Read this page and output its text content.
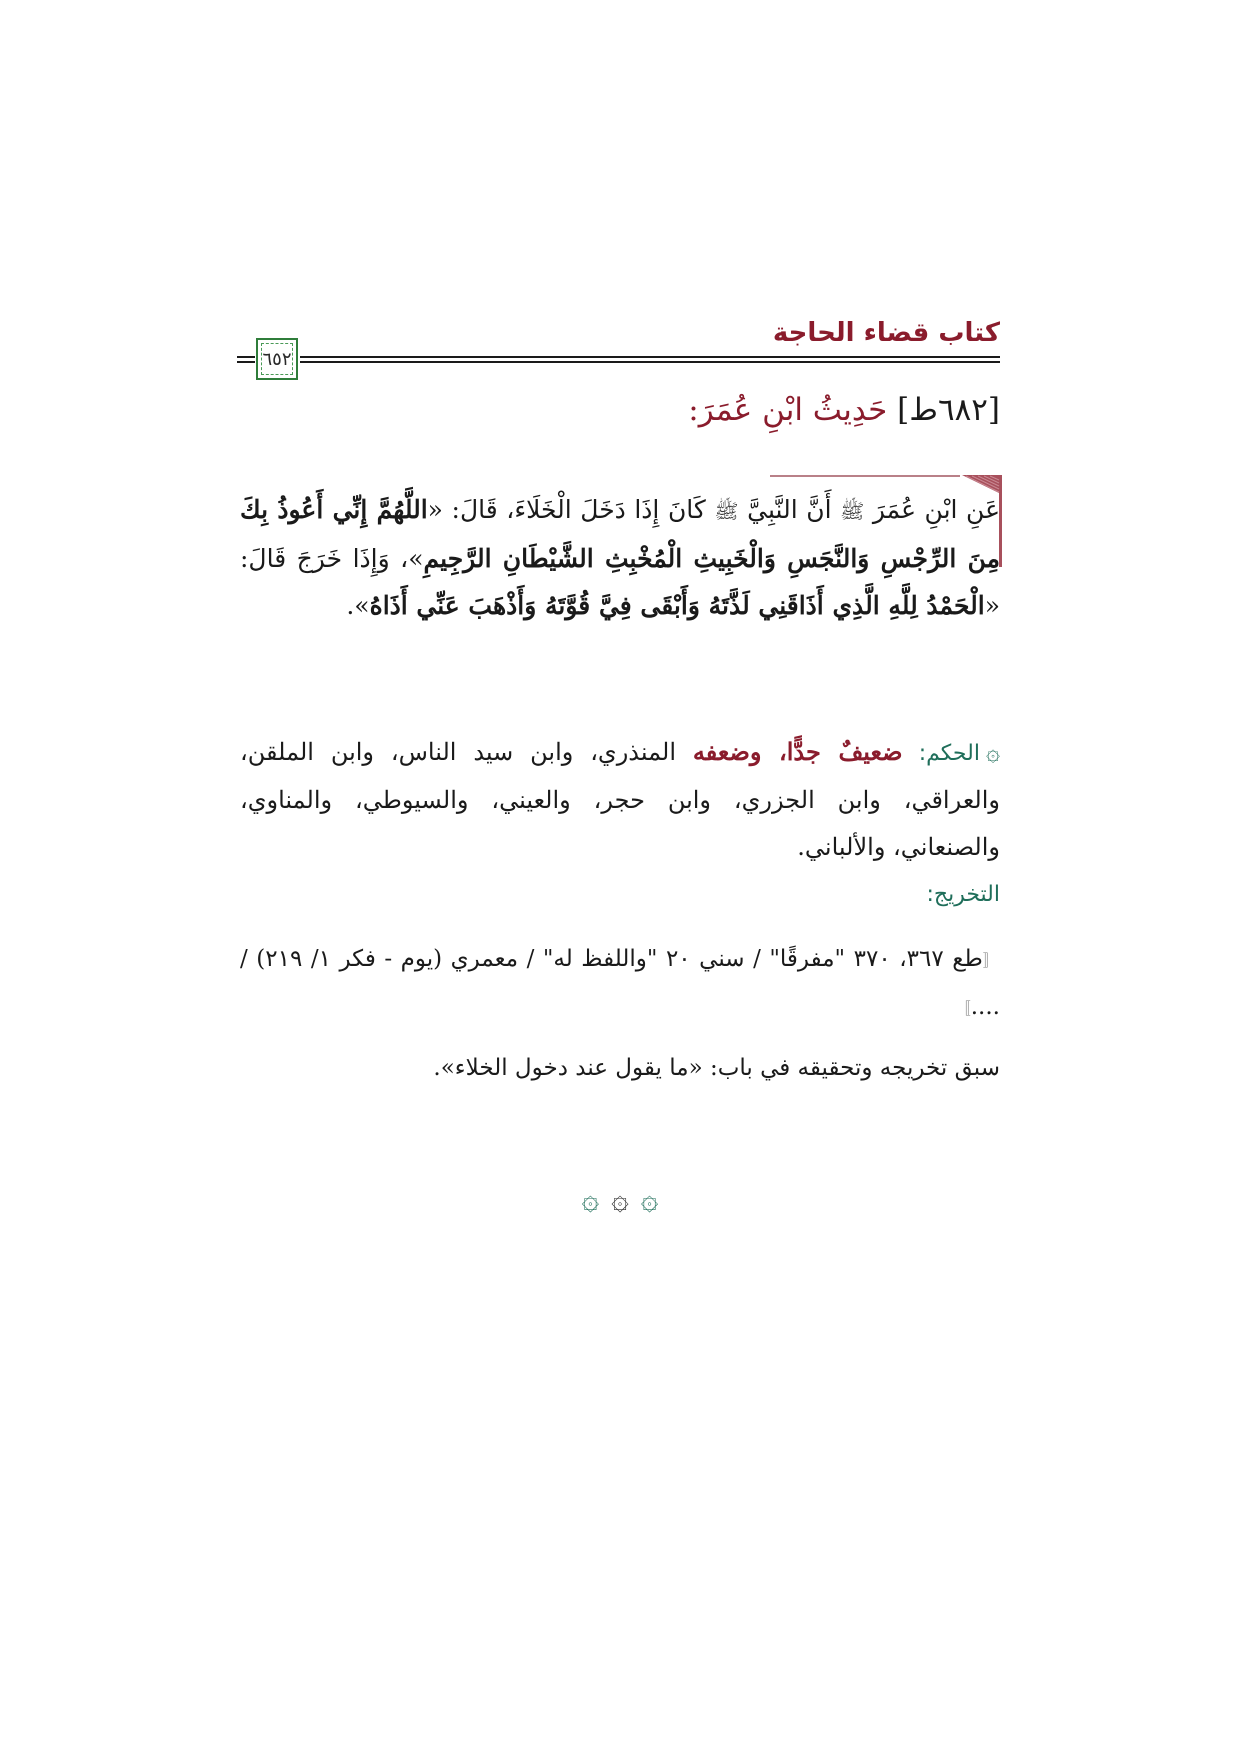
كتاب قضاء الحاجة
٦٥٢
[٦٨٢ط] حَدِيثُ ابْنِ عُمَرَ:

عَنِ ابْنِ عُمَرَ ﷺ أَنَّ النَّبِيَّ ﷺ كَانَ إِذَا دَخَلَ الْخَلَاءَ، قَالَ: «اللَّهُمَّ إِنِّي أَعُوذُ بِكَ مِنَ الرِّجْسِ وَالنَّجَسِ وَالْخَبِيثِ الْمُخْبِثِ الشَّيْطَانِ الرَّجِيمِ»، وَإِذَا خَرَجَ قَالَ: «الْحَمْدُ لِلَّهِ الَّذِي أَذَاقَنِي لَذَّتَهُ وَأَبْقَى فِيَّ قُوَّتَهُ وَأَذْهَبَ عَنِّي أَذَاهُ».

۞الحكم: ضعيفٌ جدًّا، وضعفه المنذري، وابن سيد الناس، وابن الملقن، والعراقي، وابن الجزري، وابن حجر، والعيني، والسيوطي، والمناوي، والصنعاني، والألباني.

التخريج:

〚طع ٣٦٧، ٣٧٠ "مفرقًا" / سني ٢٠ "واللفظ له" / معمري (يوم - فكر ١/ ٢١٩) / ....〛

سبق تخريجه وتحقيقه في باب: «ما يقول عند دخول الخلاء».

۞ ۞ ۞
